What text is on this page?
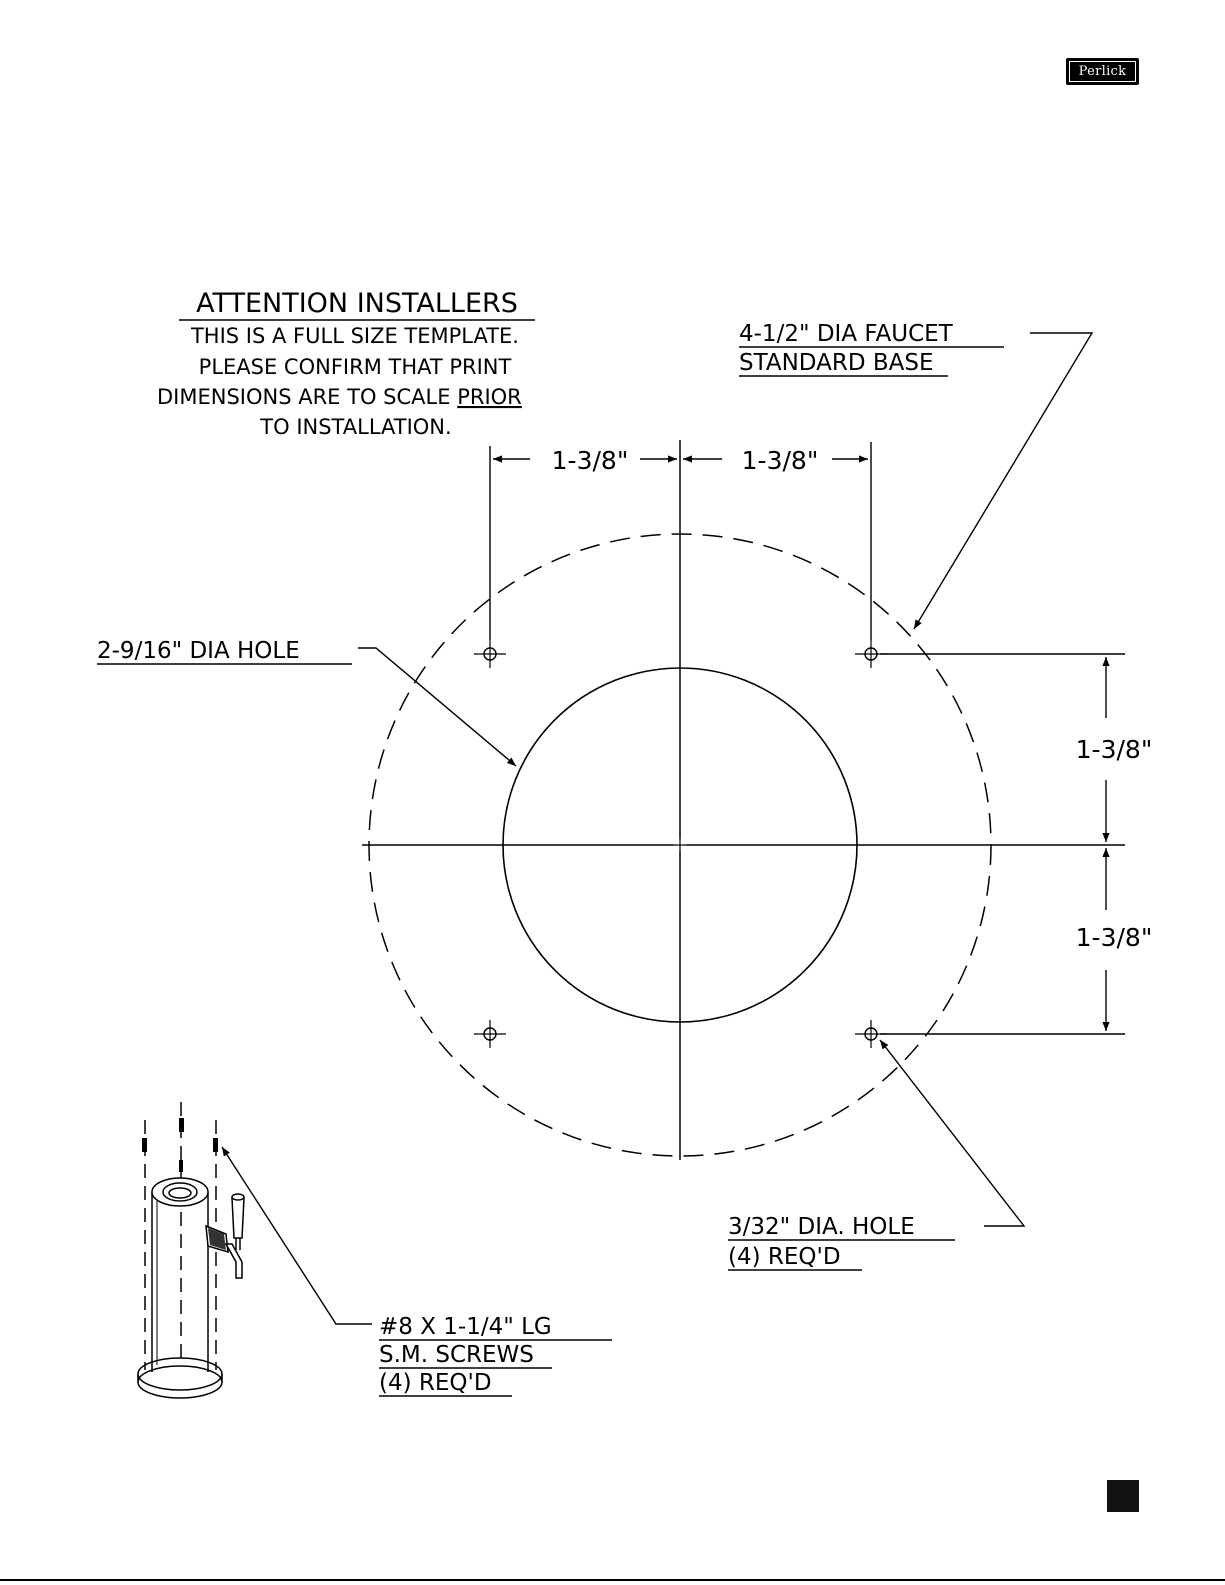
ATTENTION INSTALLERS
THIS IS A FULL SIZE TEMPLATE.
PLEASE CONFIRM THAT PRINT
DIMENSIONS ARE TO SCALE PRIOR
TO INSTALLATION.
1-3/8"	1-3/8"
1-3/8"
1-3/8"
4-1/2" DIA FAUCET
STANDARD BASE
2-9/16" DIA HOLE
3/32" DIA. HOLE
(4) REQ'D
#8 X 1-1/4" LG
S.M. SCREWS
(4) REQ'D
Perlick
